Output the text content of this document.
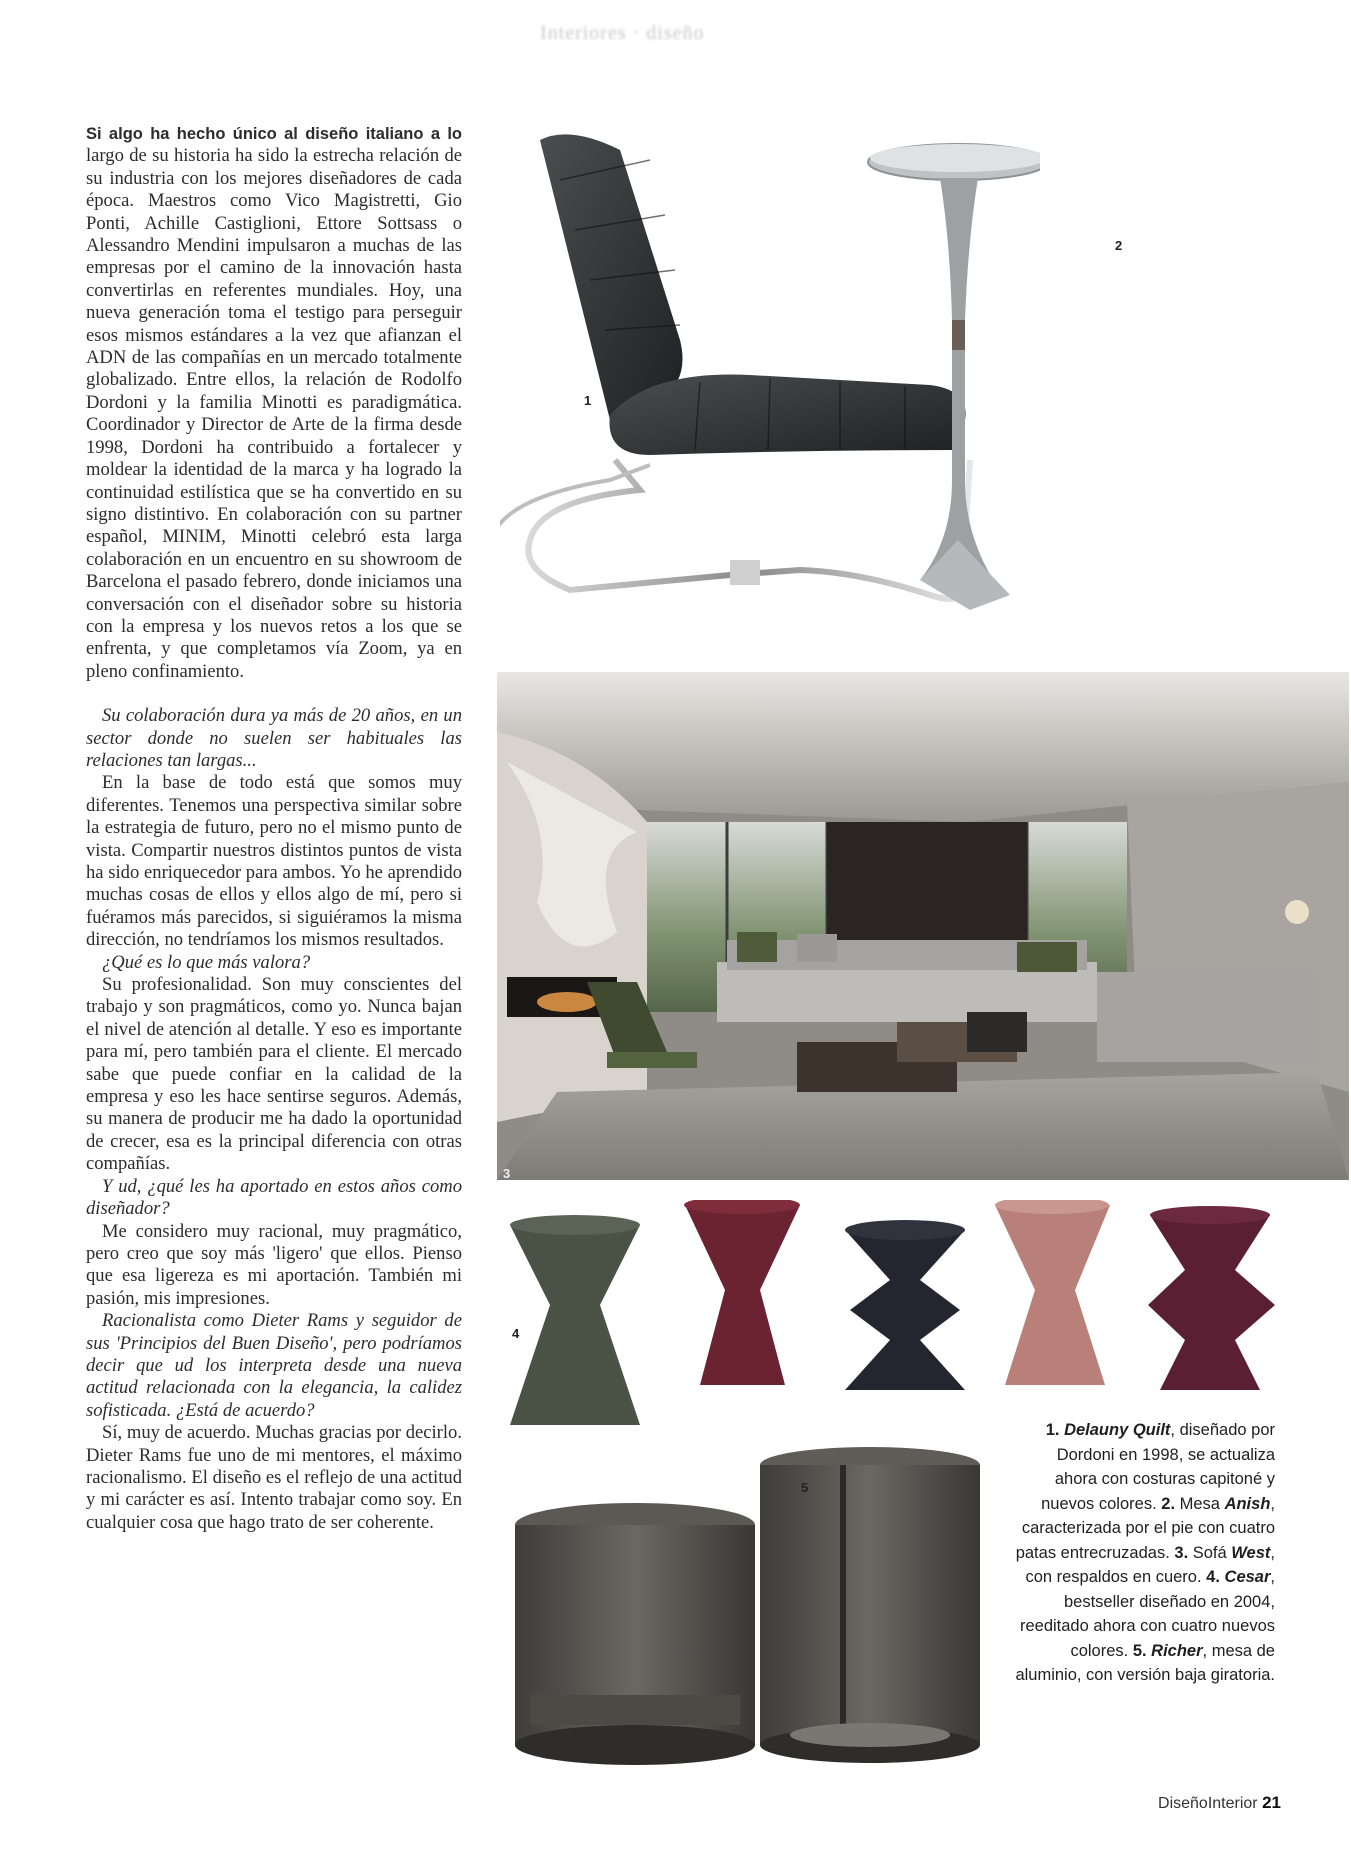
Interiores · diseño

Si algo ha hecho único al diseño italiano a lo largo de su historia ha sido la estrecha relación de su industria con los mejores diseñadores de cada época. Maestros como Vico Magistretti, Gio Ponti, Achille Castiglioni, Ettore Sottsass o Alessandro Mendini impulsaron a muchas de las empresas por el camino de la innovación hasta convertirlas en referentes mundiales. Hoy, una nueva generación toma el testigo para perseguir esos mismos estándares a la vez que afianzan el ADN de las compañías en un mercado totalmente globalizado. Entre ellos, la relación de Rodolfo Dordoni y la familia Minotti es paradigmática. Coordinador y Director de Arte de la firma desde 1998, Dordoni ha contribuido a fortalecer y moldear la identidad de la marca y ha logrado la continuidad estilística que se ha convertido en su signo distintivo. En colaboración con su partner español, MINIM, Minotti celebró esta larga colaboración en un encuentro en su showroom de Barcelona el pasado febrero, donde iniciamos una conversación con el diseñador sobre su historia con la empresa y los nuevos retos a los que se enfrenta, y que completamos vía Zoom, ya en pleno confinamiento.

Su colaboración dura ya más de 20 años, en un sector donde no suelen ser habituales las relaciones tan largas...

En la base de todo está que somos muy diferentes. Tenemos una perspectiva similar sobre la estrategia de futuro, pero no el mismo punto de vista. Compartir nuestros distintos puntos de vista ha sido enriquecedor para ambos. Yo he aprendido muchas cosas de ellos y ellos algo de mí, pero si fuéramos más parecidos, si siguiéramos la misma dirección, no tendríamos los mismos resultados.

¿Qué es lo que más valora?

Su profesionalidad. Son muy conscientes del trabajo y son pragmáticos, como yo. Nunca bajan el nivel de atención al detalle. Y eso es importante para mí, pero también para el cliente. El mercado sabe que puede confiar en la calidad de la empresa y eso les hace sentirse seguros. Además, su manera de producir me ha dado la oportunidad de crecer, esa es la principal diferencia con otras compañías.

Y ud, ¿qué les ha aportado en estos años como diseñador?

Me considero muy racional, muy pragmático, pero creo que soy más 'ligero' que ellos. Pienso que esa ligereza es mi aportación. También mi pasión, mis impresiones.

Racionalista como Dieter Rams y seguidor de sus 'Principios del Buen Diseño', pero podríamos decir que ud los interpreta desde una nueva actitud relacionada con la elegancia, la calidez sofisticada. ¿Está de acuerdo?

Sí, muy de acuerdo. Muchas gracias por decirlo. Dieter Rams fue uno de mi mentores, el máximo racionalismo. El diseño es el reflejo de una actitud y mi carácter es así. Intento trabajar como soy. En cualquier cosa que hago trato de ser coherente.

1
2
3
4
5
1. Delauny Quilt, diseñado por Dordoni en 1998, se actualiza ahora con costuras capitoné y nuevos colores. 2. Mesa Anish, caracterizada por el pie con cuatro patas entrecruzadas. 3. Sofá West, con respaldos en cuero. 4. Cesar, bestseller diseñado en 2004, reeditado ahora con cuatro nuevos colores. 5. Richer, mesa de aluminio, con versión baja giratoria.
DiseñoInterior 21
